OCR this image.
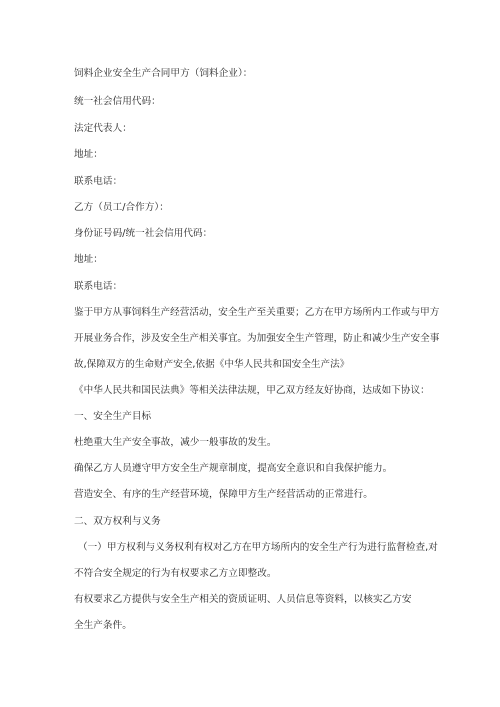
饲料企业安全生产合同甲方（饲料企业）：
统一社会信用代码：
法定代表人：
地址：
联系电话：
乙方（员工/合作方）：
身份证号码/统一社会信用代码：
地址：
联系电话：
鉴于甲方从事饲料生产经营活动，安全生产至关重要；乙方在甲方场所内工作或与甲方
开展业务合作，涉及安全生产相关事宜。为加强安全生产管理，防止和减少生产安全事
故,保障双方的生命财产安全,依据《中华人民共和国安全生产法》
《中华人民共和国民法典》等相关法律法规，甲乙双方经友好协商，达成如下协议：
一、安全生产目标
杜绝重大生产安全事故，减少一般事故的发生。
确保乙方人员遵守甲方安全生产规章制度，提高安全意识和自我保护能力。
营造安全、有序的生产经营环境，保障甲方生产经营活动的正常进行。
二、双方权利与义务
（一）甲方权利与义务权利有权对乙方在甲方场所内的安全生产行为进行监督检查,对
不符合安全规定的行为有权要求乙方立即整改。
有权要求乙方提供与安全生产相关的资质证明、人员信息等资料，以核实乙方安
全生产条件。
